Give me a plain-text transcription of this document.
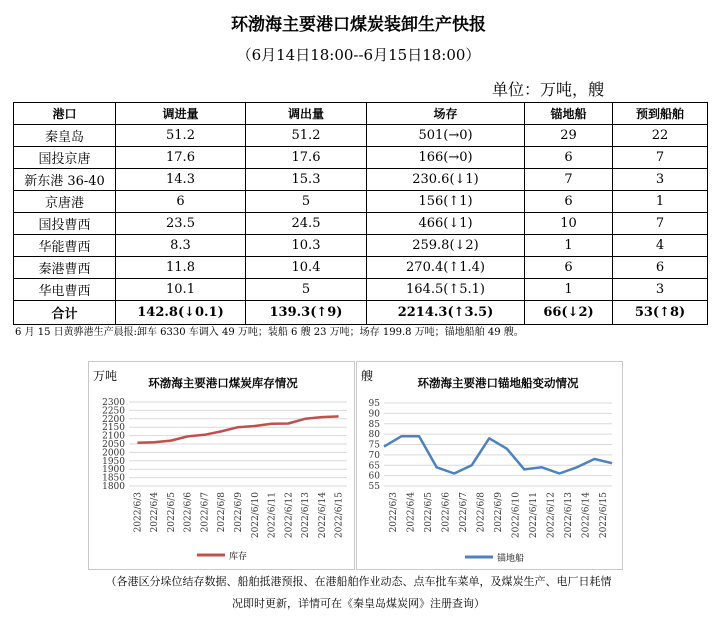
环渤海主要港口煤炭装卸生产快报
（6月14日18:00--6月15日18:00）
单位：万吨，艘
港口	调进量	调出量	场存	锚地船	预到船舶
秦皇岛	51.2	51.2	501(→0)	29	22
国投京唐	17.6	17.6	166(→0)	6	7
新东港 36-40	14.3	15.3	230.6(↓1)	7	3
京唐港	6	5	156(↑1)	6	1
国投曹西	23.5	24.5	466(↓1)	10	7
华能曹西	8.3	10.3	259.8(↓2)	1	4
秦港曹西	11.8	10.4	270.4(↑1.4)	6	6
华电曹西	10.1	5	164.5(↑5.1)	1	3
合计	142.8(↓0.1)	139.3(↑9)	2214.3(↑3.5)	66(↓2)	53(↑8)
6 月 15 日黄骅港生产晨报:卸车 6330 车调入 49 万吨；装船 6 艘 23 万吨；场存 199.8 万吨；锚地船舶 49 艘。
环渤海主要港口煤炭库存情况
万吨
2300
2250
2200
2150
2100
2050
2000
1950
1900
1850
1800
2022/6/3 2022/6/4 2022/6/5 2022/6/6 2022/6/7 2022/6/8 2022/6/9 2022/6/10 2022/6/11 2022/6/12 2022/6/13 2022/6/14 2022/6/15
库存
环渤海主要港口锚地船变动情况
艘
95
90
85
80
75
70
65
60
55
2022/6/3 2022/6/4 2022/6/5 2022/6/6 2022/6/7 2022/6/8 2022/6/9 2022/6/10 2022/6/11 2022/6/12 2022/6/13 2022/6/14 2022/6/15
锚地船
（各港区分垛位结存数据、船舶抵港预报、在港船舶作业动态、点车批车菜单，及煤炭生产、电厂日耗情
况即时更新，详情可在《秦皇岛煤炭网》注册查询）
